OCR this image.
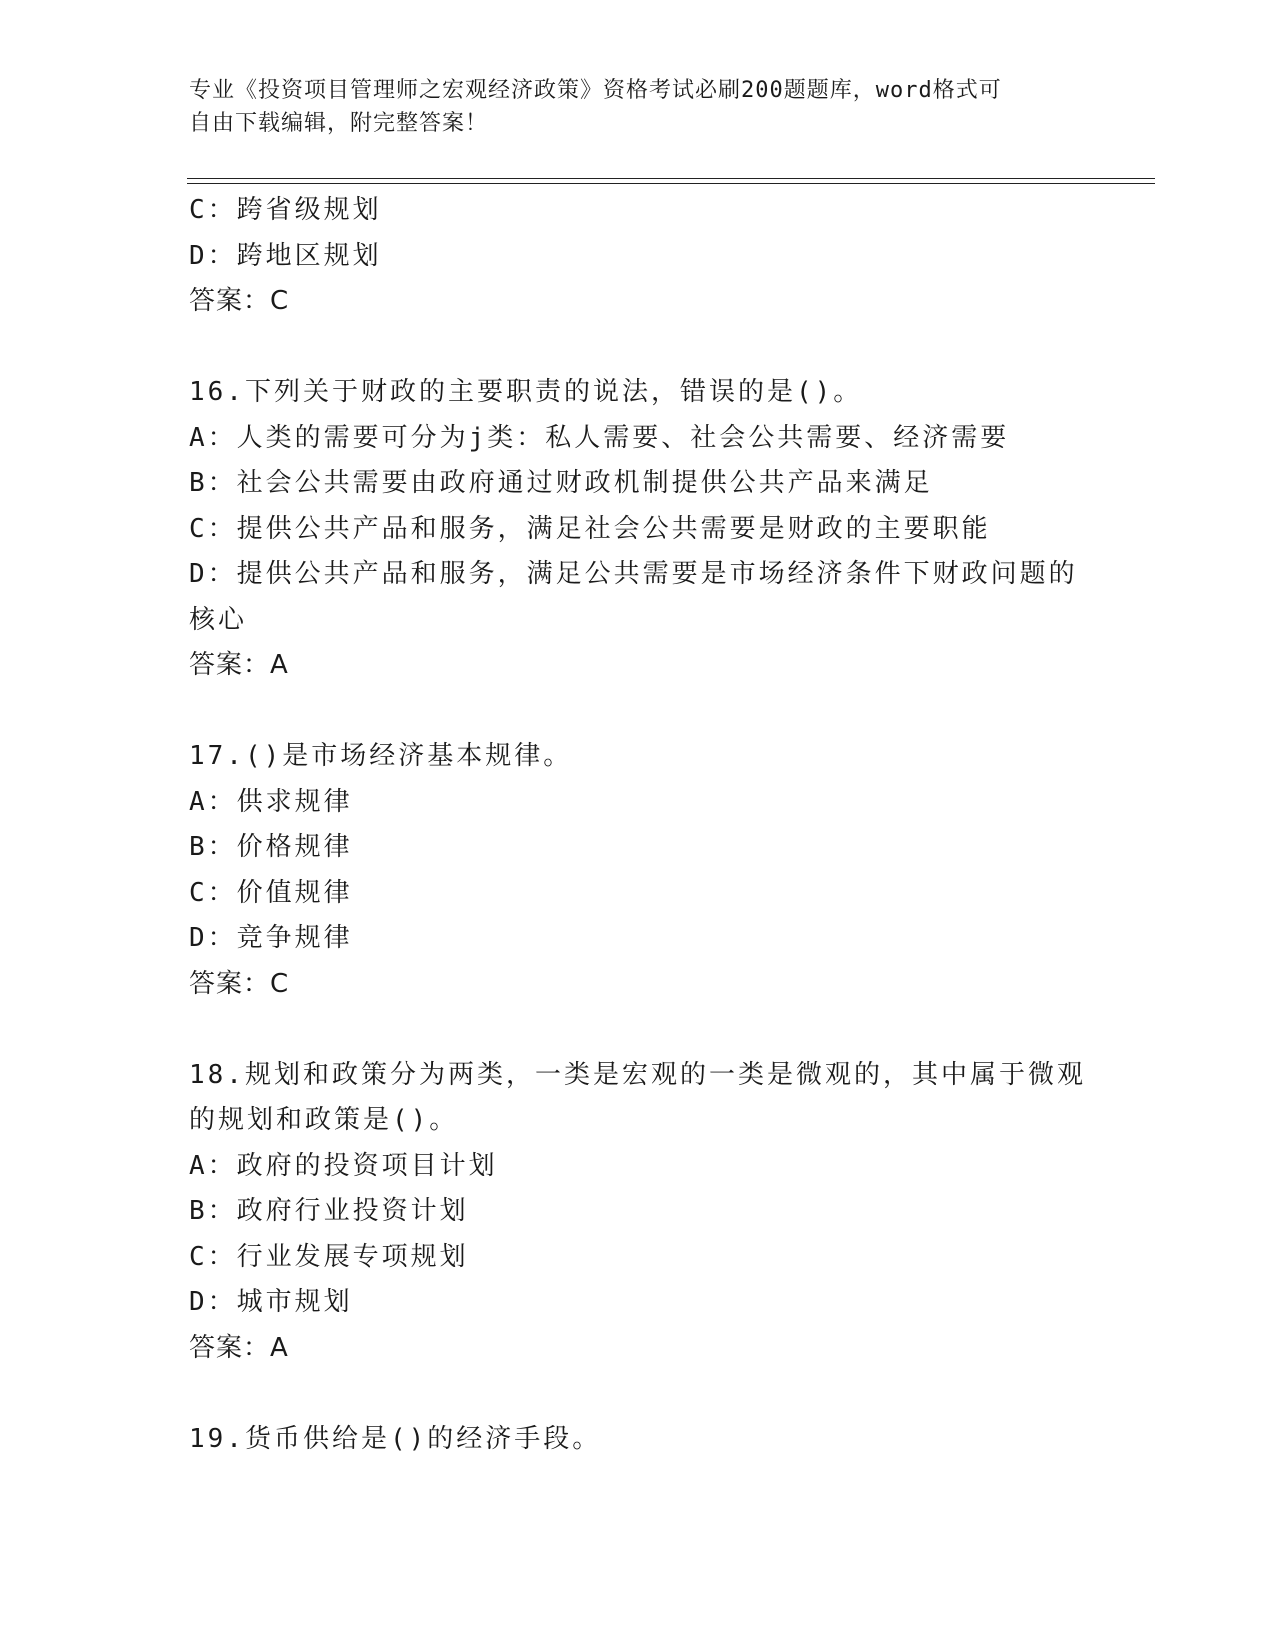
专业《投资项目管理师之宏观经济政策》资格考试必刷200题题库，word格式可
自由下载编辑，附完整答案！
C：跨省级规划
D：跨地区规划
答案：C
16.下列关于财政的主要职责的说法，错误的是()。
A：人类的需要可分为j类：私人需要、社会公共需要、经济需要
B：社会公共需要由政府通过财政机制提供公共产品来满足
C：提供公共产品和服务，满足社会公共需要是财政的主要职能
D：提供公共产品和服务，满足公共需要是市场经济条件下财政问题的
核心
答案：A
17.()是市场经济基本规律。
A：供求规律
B：价格规律
C：价值规律
D：竞争规律
答案：C
18.规划和政策分为两类，一类是宏观的一类是微观的，其中属于微观
的规划和政策是()。
A：政府的投资项目计划
B：政府行业投资计划
C：行业发展专项规划
D：城市规划
答案：A
19.货币供给是()的经济手段。
